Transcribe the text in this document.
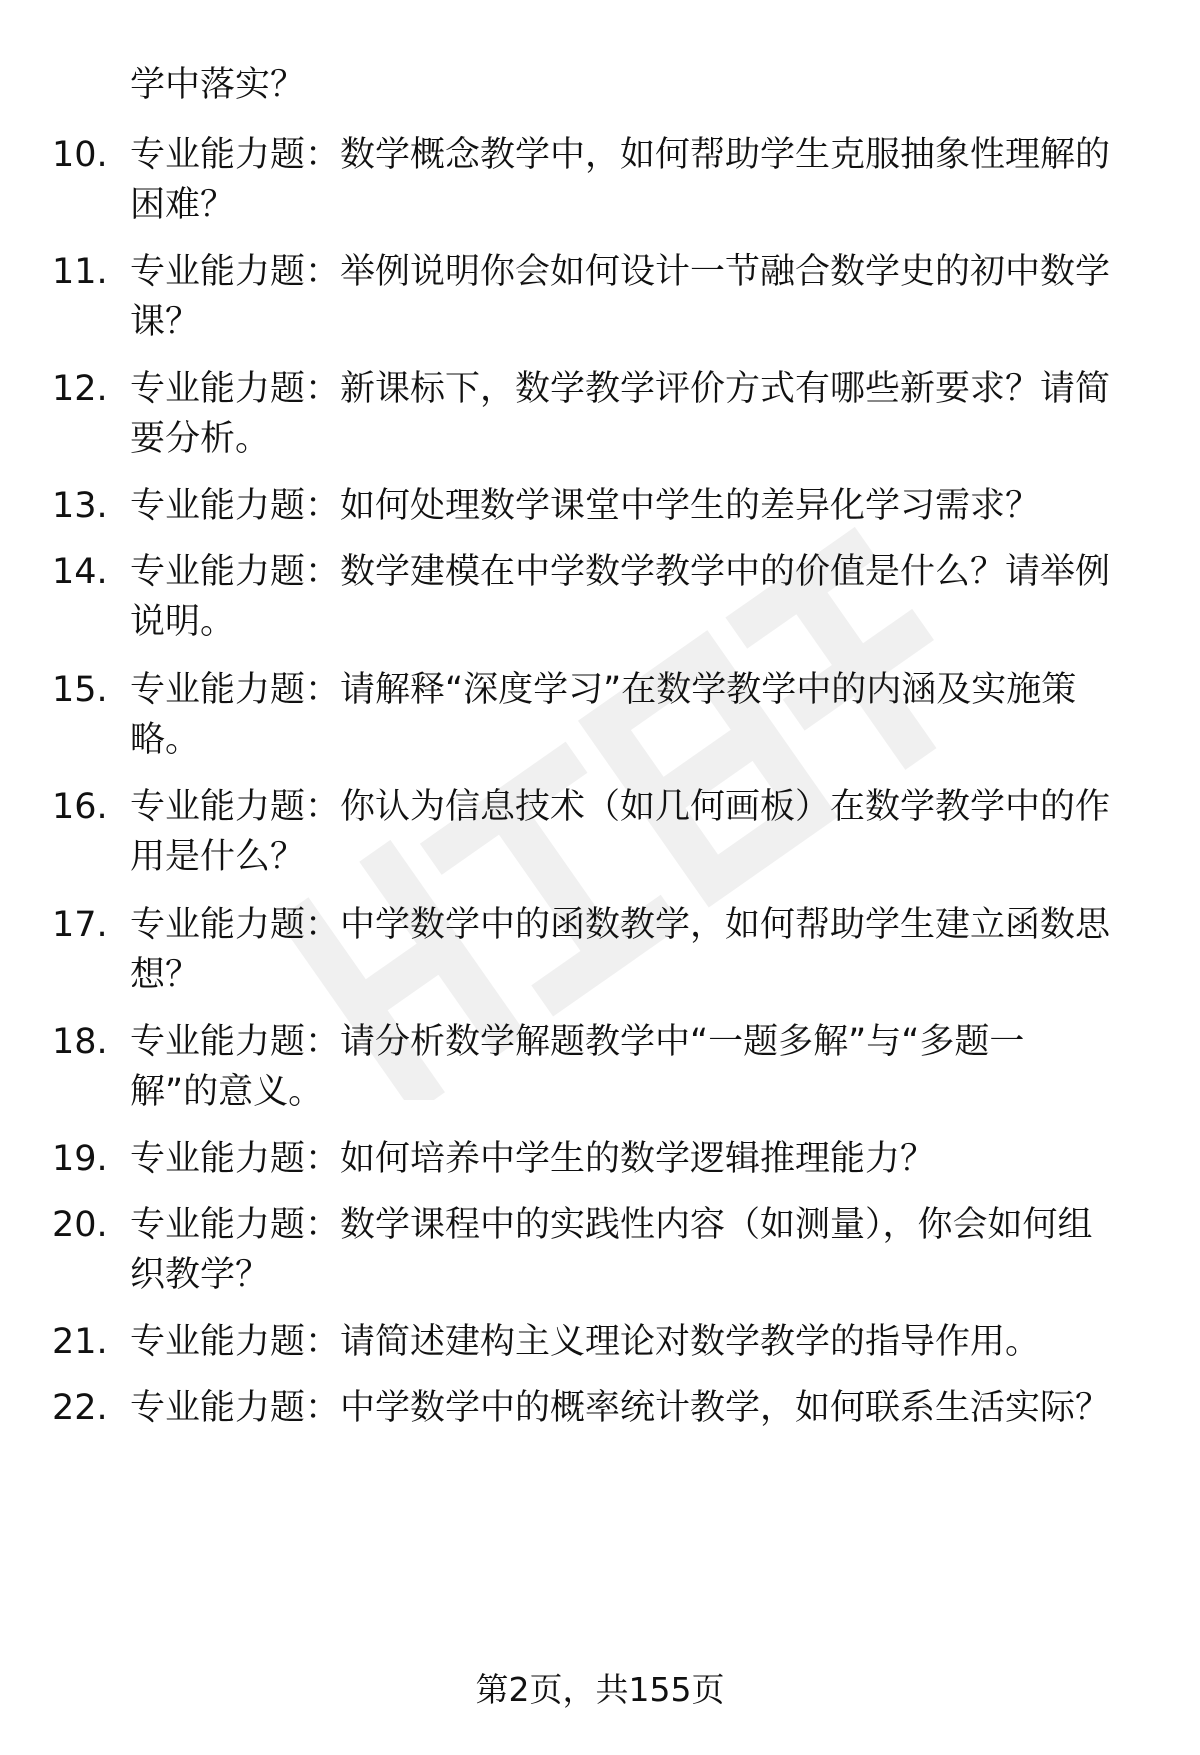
学中落实？
10. 专业能力题：数学概念教学中，如何帮助学生克服抽象性理解的
困难？
11. 专业能力题：举例说明你会如何设计一节融合数学史的初中数学
课？
12. 专业能力题：新课标下，数学教学评价方式有哪些新要求？请简
要分析。
13. 专业能力题：如何处理数学课堂中学生的差异化学习需求？
14. 专业能力题：数学建模在中学数学教学中的价值是什么？请举例
说明。
15. 专业能力题：请解释“深度学习”在数学教学中的内涵及实施策
略。
16. 专业能力题：你认为信息技术（如几何画板）在数学教学中的作
用是什么？
17. 专业能力题：中学数学中的函数教学，如何帮助学生建立函数思
想？
18. 专业能力题：请分析数学解题教学中“一题多解”与“多题一
解”的意义。
19. 专业能力题：如何培养中学生的数学逻辑推理能力？
20. 专业能力题：数学课程中的实践性内容（如测量），你会如何组
织教学？
21. 专业能力题：请简述建构主义理论对数学教学的指导作用。
22. 专业能力题：中学数学中的概率统计教学，如何联系生活实际？
第2页，共155页
